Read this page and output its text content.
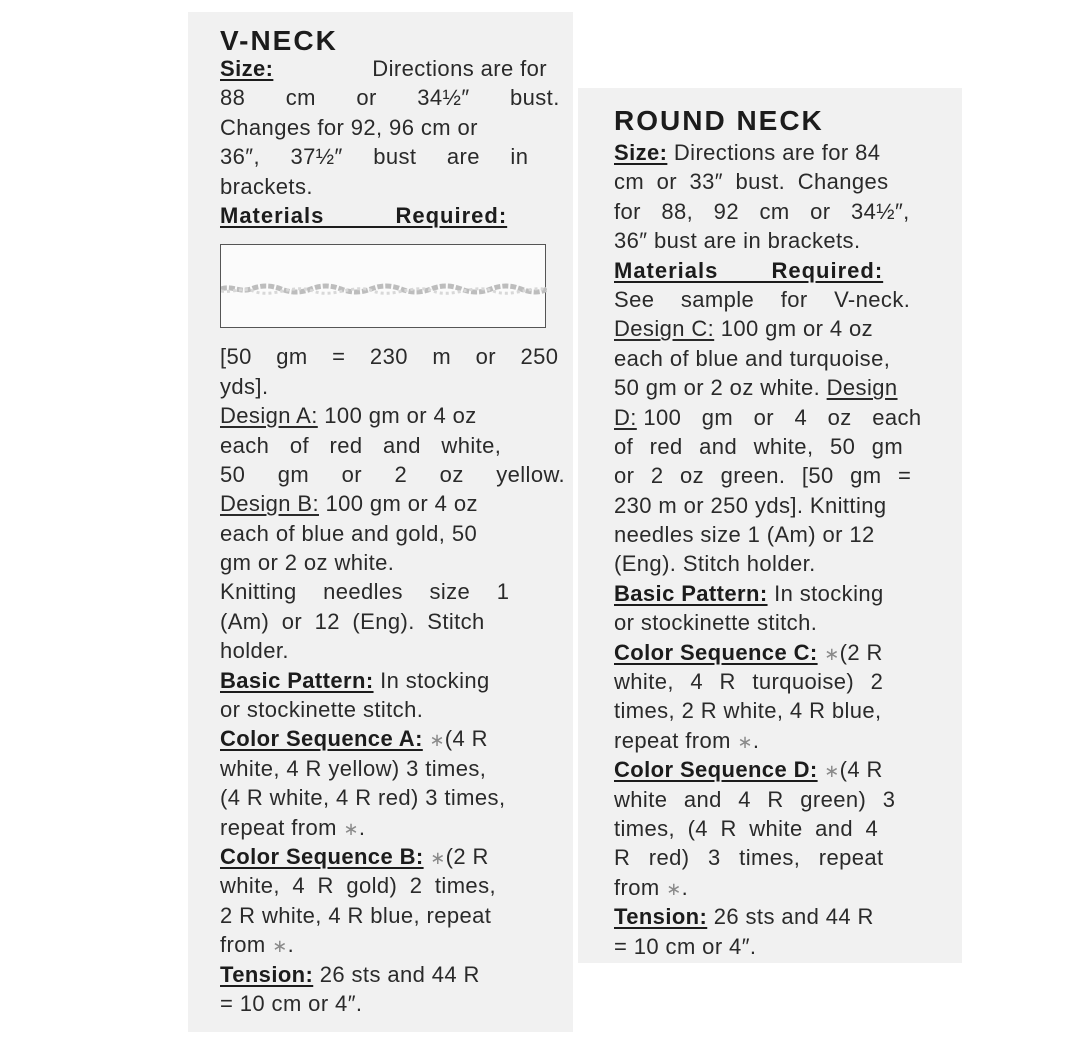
V-NECK
Size:	Directions are for
88 cm or 34½″ bust.
Changes for 92, 96 cm or
36″, 37½″ bust are in
brackets.
Materials Required:
[50 gm = 230 m or 250
yds].
Design A: 100 gm or 4 oz
each of red and white,
50 gm or 2 oz yellow.
Design B: 100 gm or 4 oz
each of blue and gold, 50
gm or 2 oz white.
Knitting needles size 1
(Am) or 12 (Eng). Stitch
holder.
Basic Pattern: In stocking
or stockinette stitch.
Color Sequence A: ∗(4 R
white, 4 R yellow) 3 times,
(4 R white, 4 R red) 3 times,
repeat from ∗.
Color Sequence B: ∗(2 R
white, 4 R gold) 2 times,
2 R white, 4 R blue, repeat
from ∗.
Tension: 26 sts and 44 R
= 10 cm or 4″.
ROUND NECK
Size: Directions are for 84
cm or 33″ bust. Changes
for 88, 92 cm or 34½″,
36″ bust are in brackets.
Materials Required:
See sample for V-neck.
Design C: 100 gm or 4 oz
each of blue and turquoise,
50 gm or 2 oz white. Design
D: 100 gm or 4 oz each
of red and white, 50 gm
or 2 oz green. [50 gm =
230 m or 250 yds]. Knitting
needles size 1 (Am) or 12
(Eng). Stitch holder.
Basic Pattern: In stocking
or stockinette stitch.
Color Sequence C: ∗(2 R
white, 4 R turquoise) 2
times, 2 R white, 4 R blue,
repeat from ∗.
Color Sequence D: ∗(4 R
white and 4 R green) 3
times, (4 R white and 4
R red) 3 times, repeat
from ∗.
Tension: 26 sts and 44 R
= 10 cm or 4″.
